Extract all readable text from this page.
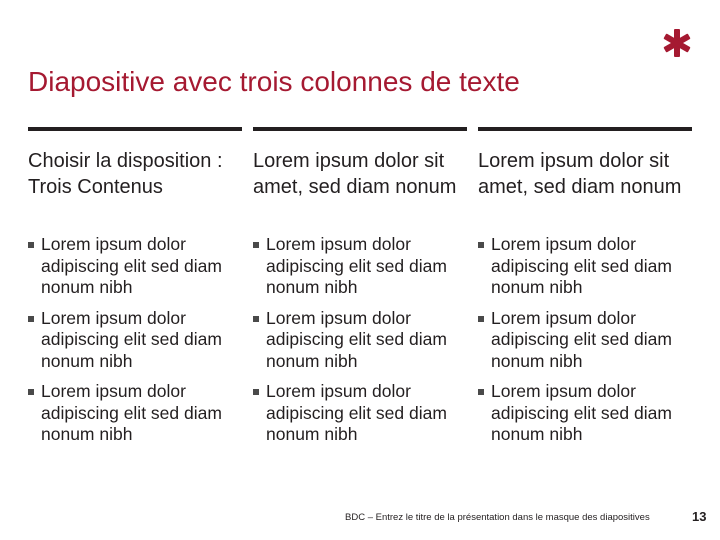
Diapositive avec trois colonnes de texte
Choisir la disposition : Trois Contenus
Lorem ipsum dolor adipiscing elit sed diam nonum nibh
Lorem ipsum dolor adipiscing elit sed diam nonum nibh
Lorem ipsum dolor adipiscing elit sed diam nonum nibh
Lorem ipsum dolor sit amet, sed diam nonum
Lorem ipsum dolor adipiscing elit sed diam nonum nibh
Lorem ipsum dolor adipiscing elit sed diam nonum nibh
Lorem ipsum dolor adipiscing elit sed diam nonum nibh
Lorem ipsum dolor sit amet, sed diam nonum
Lorem ipsum dolor adipiscing elit sed diam nonum nibh
Lorem ipsum dolor adipiscing elit sed diam nonum nibh
Lorem ipsum dolor adipiscing elit sed diam nonum nibh
BDC – Entrez le titre de la présentation dans le masque des diapositives	13
